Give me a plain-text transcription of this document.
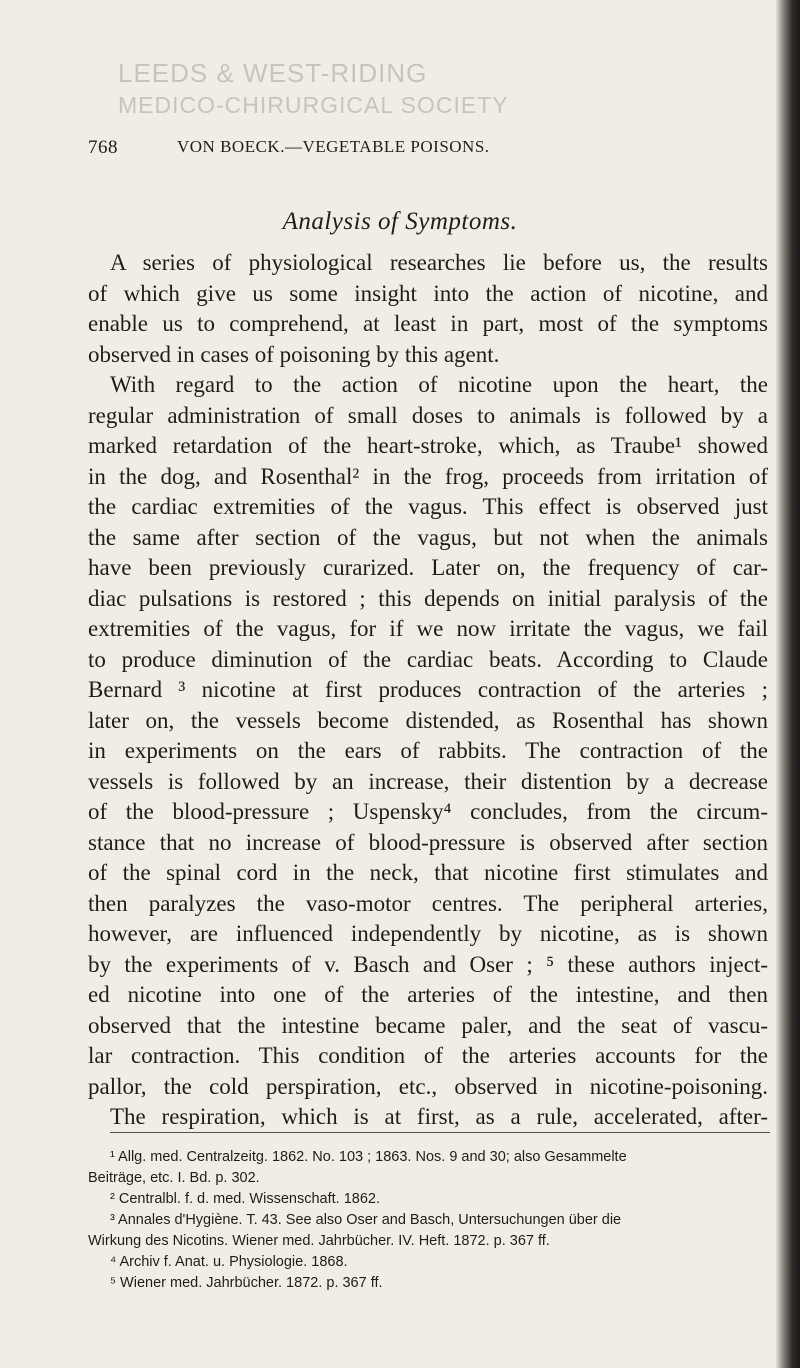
LEEDS & WEST-RIDING
MEDICO-CHIRURGICAL SOCIETY
768	VON BOECK.—VEGETABLE POISONS.
Analysis of Symptoms.
A series of physiological researches lie before us, the results
of which give us some insight into the action of nicotine, and
enable us to comprehend, at least in part, most of the symptoms
observed in cases of poisoning by this agent.
With regard to the action of nicotine upon the heart, the
regular administration of small doses to animals is followed by a
marked retardation of the heart-stroke, which, as Traube¹ showed
in the dog, and Rosenthal² in the frog, proceeds from irritation of
the cardiac extremities of the vagus. This effect is observed just
the same after section of the vagus, but not when the animals
have been previously curarized. Later on, the frequency of car-
diac pulsations is restored ; this depends on initial paralysis of the
extremities of the vagus, for if we now irritate the vagus, we fail
to produce diminution of the cardiac beats. According to Claude
Bernard ³ nicotine at first produces contraction of the arteries ;
later on, the vessels become distended, as Rosenthal has shown
in experiments on the ears of rabbits. The contraction of the
vessels is followed by an increase, their distention by a decrease
of the blood-pressure ; Uspensky⁴ concludes, from the circum-
stance that no increase of blood-pressure is observed after section
of the spinal cord in the neck, that nicotine first stimulates and
then paralyzes the vaso-motor centres. The peripheral arteries,
however, are influenced independently by nicotine, as is shown
by the experiments of v. Basch and Oser ; ⁵ these authors inject-
ed nicotine into one of the arteries of the intestine, and then
observed that the intestine became paler, and the seat of vascu-
lar contraction. This condition of the arteries accounts for the
pallor, the cold perspiration, etc., observed in nicotine-poisoning.
The respiration, which is at first, as a rule, accelerated, after-
¹ Allg. med. Centralzeitg. 1862. No. 103 ; 1863. Nos. 9 and 30; also Gesammelte
Beiträge, etc. I. Bd. p. 302.
² Centralbl. f. d. med. Wissenschaft. 1862.
³ Annales d'Hygiène. T. 43. See also Oser and Basch, Untersuchungen über die
Wirkung des Nicotins. Wiener med. Jahrbücher. IV. Heft. 1872. p. 367 ff.
⁴ Archiv f. Anat. u. Physiologie. 1868.
⁵ Wiener med. Jahrbücher. 1872. p. 367 ff.
